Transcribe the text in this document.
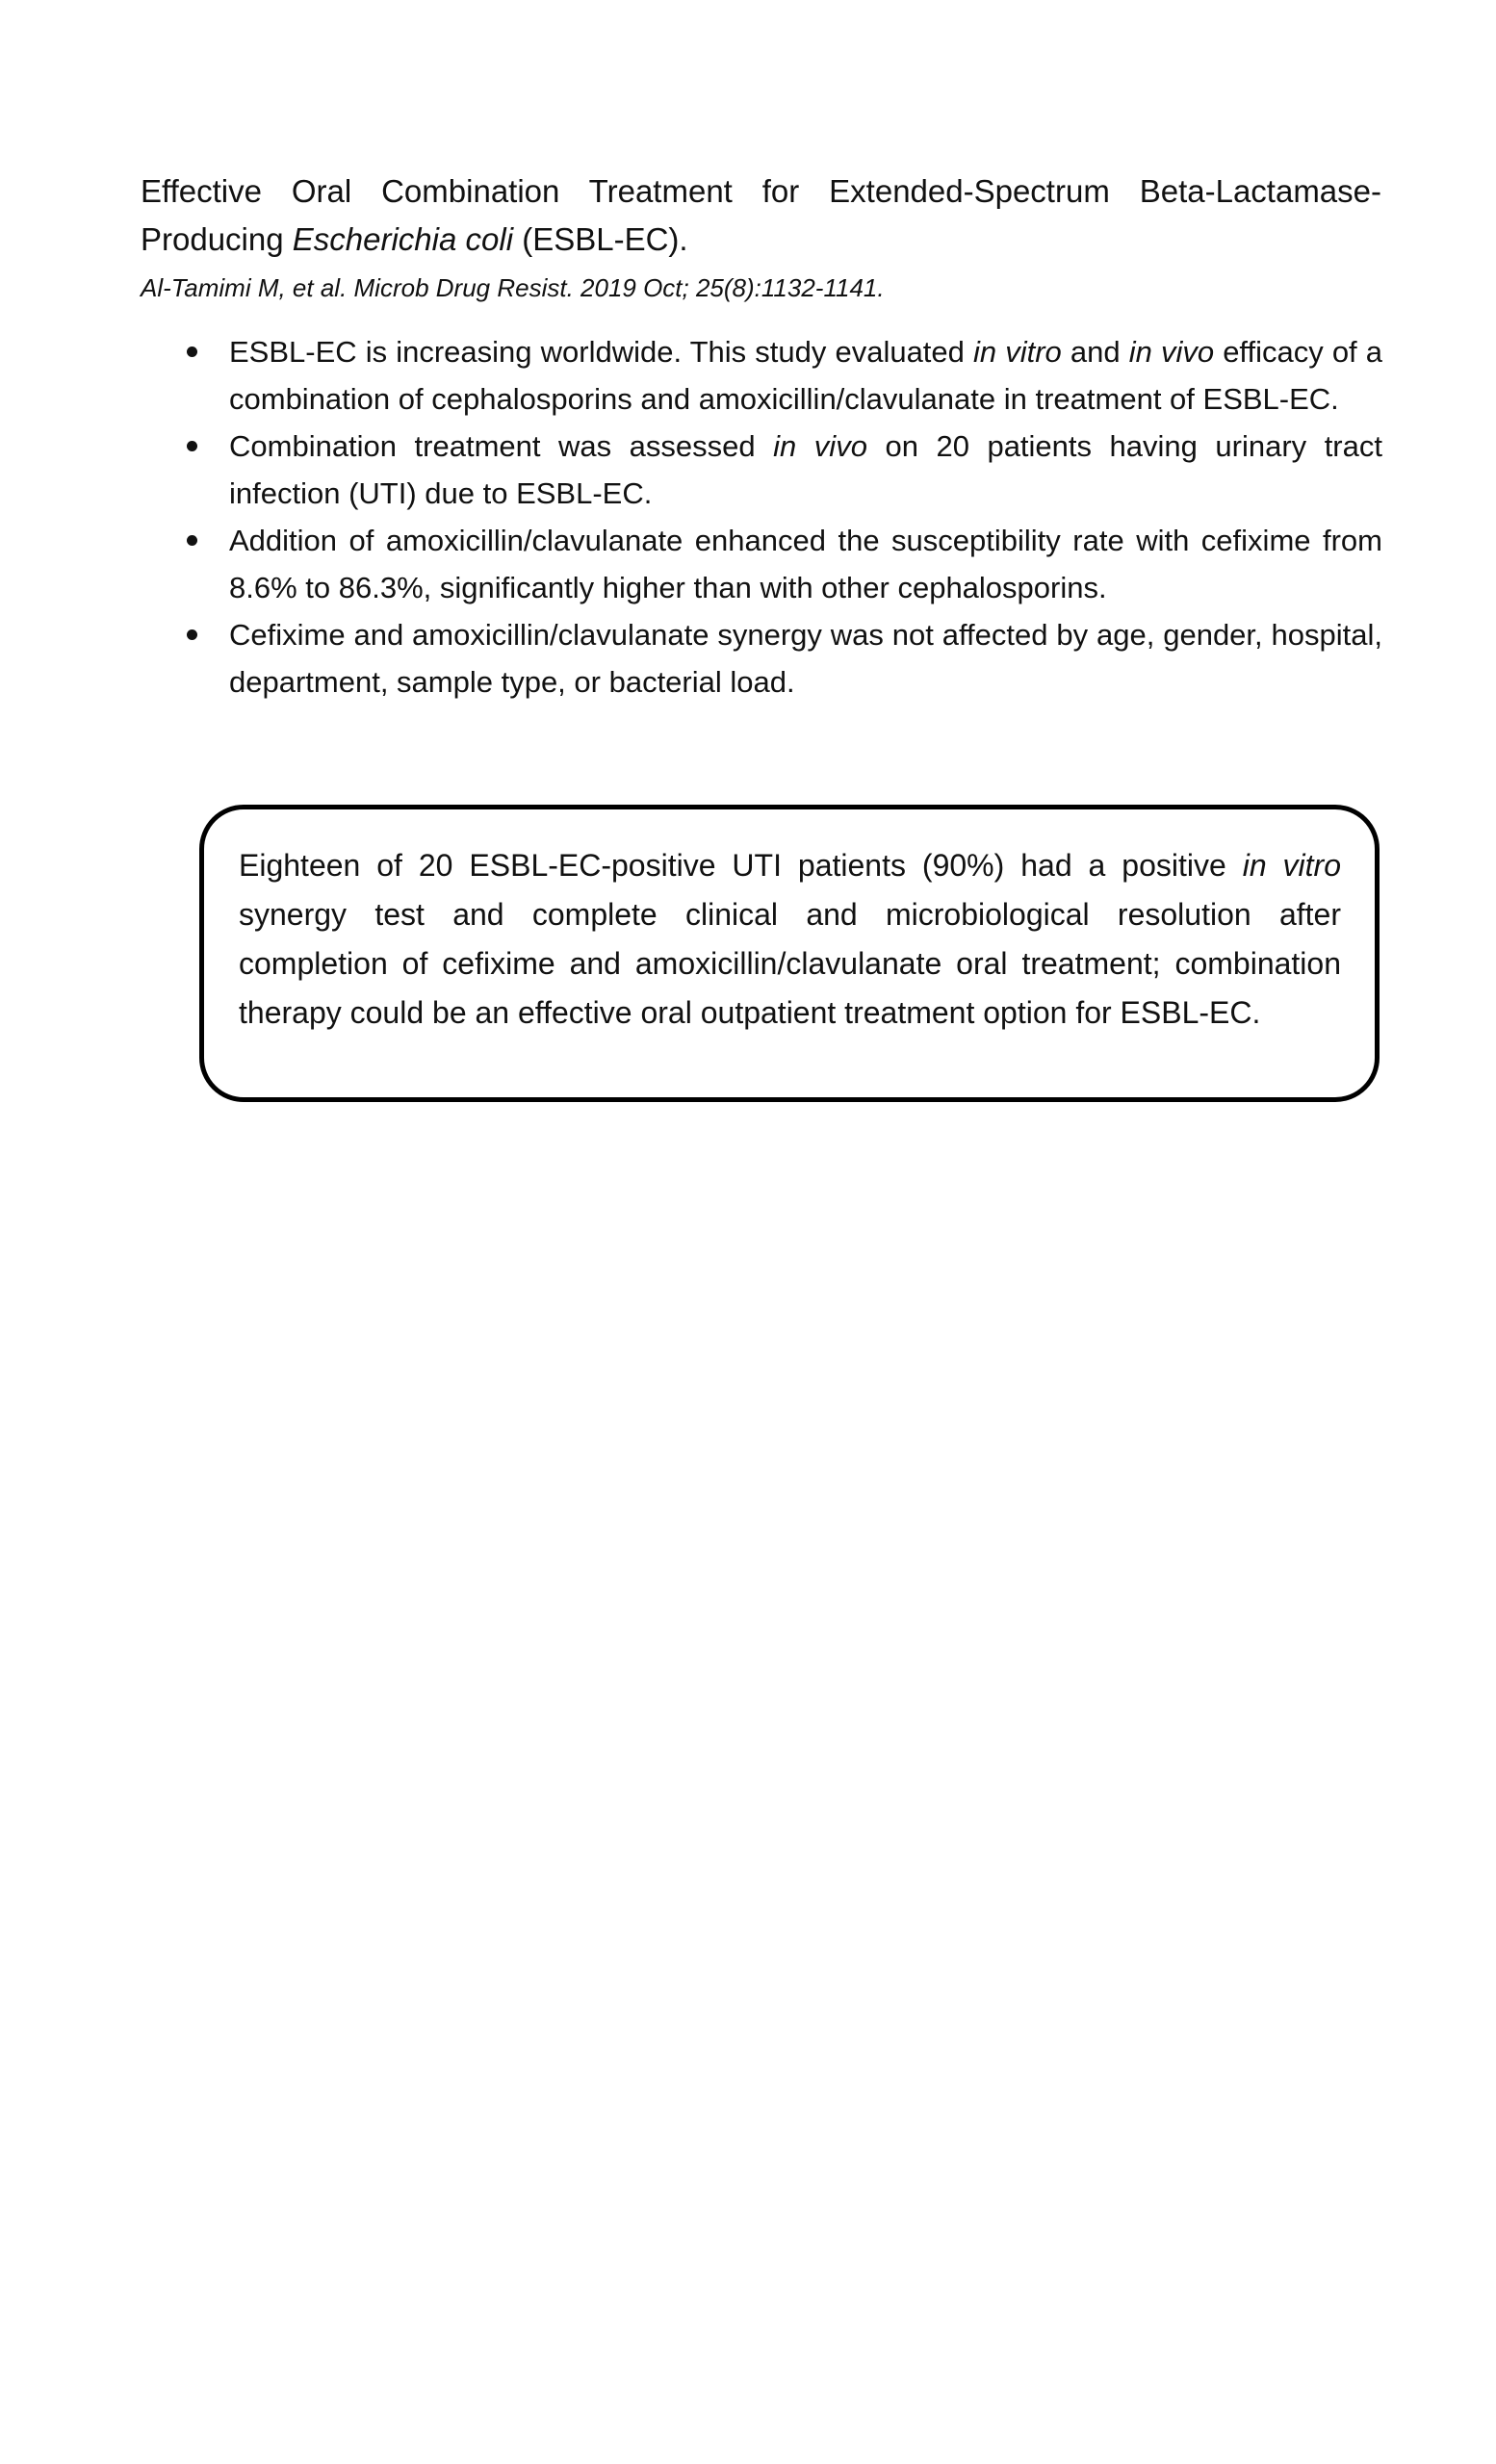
Effective Oral Combination Treatment for Extended-Spectrum Beta-Lactamase-
Producing Escherichia coli (ESBL-EC).

Al-Tamimi M, et al. Microb Drug Resist. 2019 Oct; 25(8):1132-1141.

ESBL-EC is increasing worldwide. This study evaluated in vitro and in vivo efficacy of a combination of cephalosporins and amoxicillin/clavulanate in treatment of ESBL-EC.
Combination treatment was assessed in vivo on 20 patients having urinary tract infection (UTI) due to ESBL-EC.
Addition of amoxicillin/clavulanate enhanced the susceptibility rate with cefixime from 8.6% to 86.3%, significantly higher than with other cephalosporins.
Cefixime and amoxicillin/clavulanate synergy was not affected by age, gender, hospital, department, sample type, or bacterial load.

Eighteen of 20 ESBL-EC-positive UTI patients (90%) had a positive in vitro synergy test and complete clinical and microbiological resolution after completion of cefixime and amoxicillin/clavulanate oral treatment; combination therapy could be an effective oral outpatient treatment option for ESBL-EC.
